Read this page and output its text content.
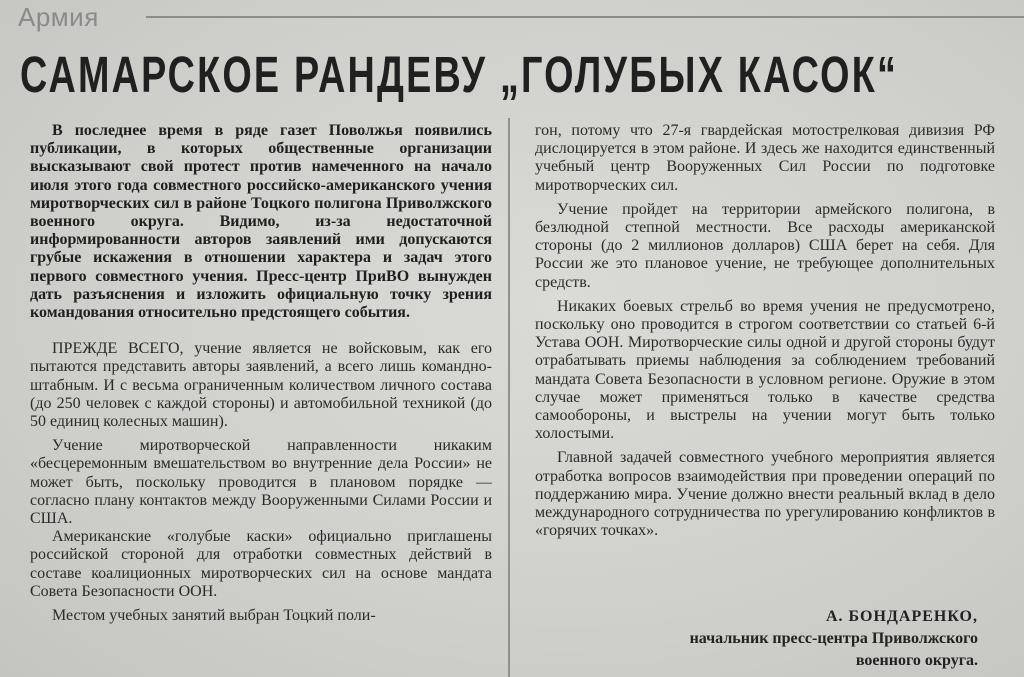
Армия
САМАРСКОЕ РАНДЕВУ „ГОЛУБЫХ КАСОК“

В последнее время в ряде газет Поволжья появились публикации, в которых общественные организации высказывают свой протест против намеченного на начало июля этого года совместного российско-американского учения миротворческих сил в районе Тоцкого полигона Приволжского военного округа. Видимо, из-за недостаточной информированности авторов заявлений ими допускаются грубые искажения в отношении характера и задач этого первого совместного учения. Пресс-центр ПриВО вынужден дать разъяснения и изложить официальную точку зрения командования относительно предстоящего события.

ПРЕЖДЕ ВСЕГО, учение является не войсковым, как его пытаются представить авторы заявлений, а всего лишь командно-штабным. И с весьма ограниченным количеством личного состава (до 250 человек с каждой стороны) и автомобильной техникой (до 50 единиц колесных машин).

Учение миротворческой направленности никаким «бесцеремонным вмешательством во внутренние дела России» не может быть, поскольку проводится в плановом порядке — согласно плану контактов между Вооруженными Силами России и США.

Американские «голубые каски» официально приглашены российской стороной для отработки совместных действий в составе коалиционных миротворческих сил на основе мандата Совета Безопасности ООН.

Местом учебных занятий выбран Тоцкий поли-

гон, потому что 27-я гвардейская мотострелковая дивизия РФ дислоцируется в этом районе. И здесь же находится единственный учебный центр Вооруженных Сил России по подготовке миротворческих сил.

Учение пройдет на территории армейского полигона, в безлюдной степной местности. Все расходы американской стороны (до 2 миллионов долларов) США берет на себя. Для России же это плановое учение, не требующее дополнительных средств.

Никаких боевых стрельб во время учения не предусмотрено, поскольку оно проводится в строгом соответствии со статьей 6-й Устава ООН. Миротворческие силы одной и другой стороны будут отрабатывать приемы наблюдения за соблюдением требований мандата Совета Безопасности в условном регионе. Оружие в этом случае может применяться только в качестве средства самообороны, и выстрелы на учении могут быть только холостыми.

Главной задачей совместного учебного мероприятия является отработка вопросов взаимодействия при проведении операций по поддержанию мира. Учение должно внести реальный вклад в дело международного сотрудничества по урегулированию конфликтов в «горячих точках».

А. БОНДАРЕНКО,
начальник пресс-центра Приволжского
военного округа.
